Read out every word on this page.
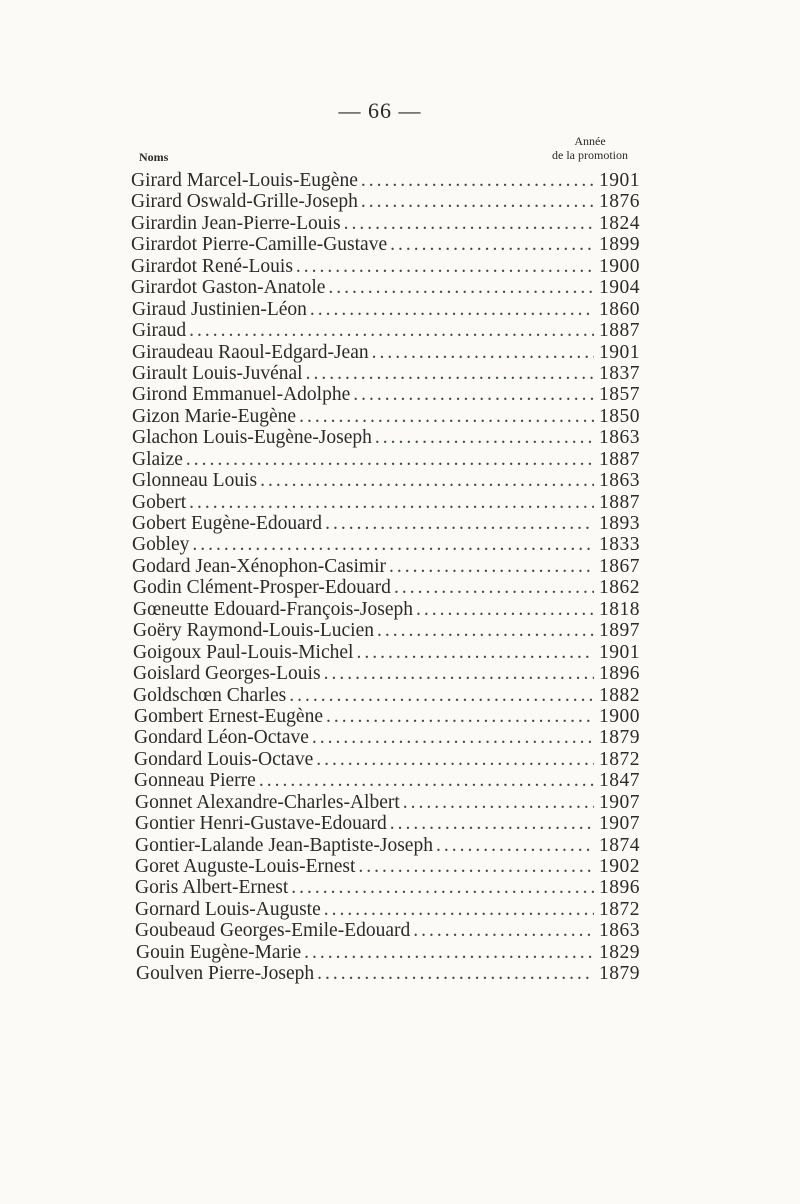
— 66 —
Noms
Année
de la promotion
Girard Marcel-Louis-Eugène .....	1901
Girard Oswald-Grille-Joseph .....	1876
Girardin Jean-Pierre-Louis .....	1824
Girardot Pierre-Camille-Gustave .....	1899
Girardot René-Louis .....	1900
Girardot Gaston-Anatole .....	1904
Giraud Justinien-Léon .....	1860
Giraud .....	1887
Giraudeau Raoul-Edgard-Jean .....	1901
Girault Louis-Juvénal .....	1837
Girond Emmanuel-Adolphe .....	1857
Gizon Marie-Eugène .....	1850
Glachon Louis-Eugène-Joseph .....	1863
Glaize .....	1887
Glonneau Louis .....	1863
Gobert .....	1887
Gobert Eugène-Edouard .....	1893
Gobley .....	1833
Godard Jean-Xénophon-Casimir .....	1867
Godin Clément-Prosper-Edouard .....	1862
Gœneutte Edouard-François-Joseph .....	1818
Goëry Raymond-Louis-Lucien .....	1897
Goigoux Paul-Louis-Michel .....	1901
Goislard Georges-Louis .....	1896
Goldschœn Charles .....	1882
Gombert Ernest-Eugène .....	1900
Gondard Léon-Octave .....	1879
Gondard Louis-Octave .....	1872
Gonneau Pierre .....	1847
Gonnet Alexandre-Charles-Albert .....	1907
Gontier Henri-Gustave-Edouard .....	1907
Gontier-Lalande Jean-Baptiste-Joseph .....	1874
Goret Auguste-Louis-Ernest .....	1902
Goris Albert-Ernest .....	1896
Gornard Louis-Auguste .....	1872
Goubeaud Georges-Emile-Edouard .....	1863
Gouin Eugène-Marie .....	1829
Goulven Pierre-Joseph .....	1879
